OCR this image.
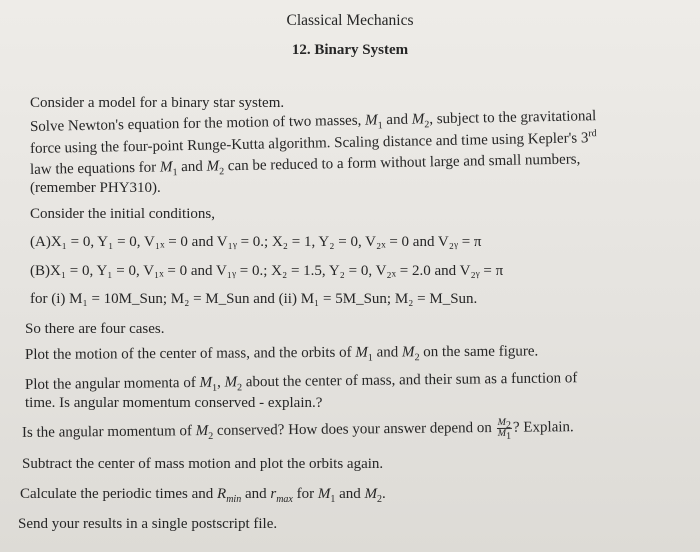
Classical Mechanics
12. Binary System
Consider a model for a binary star system.
Solve Newton's equation for the motion of two masses, $M_1$ and $M_2$, subject to the gravitational
force using the four-point Runge-Kutta algorithm. Scaling distance and time using Kepler's 3rd
law the equations for $M_1$ and $M_2$ can be reduced to a form without large and small numbers,
(remember PHY310).
Consider the initial conditions,
(A)X₁ = 0, Y₁ = 0, V₁ₓ = 0 and V₁ᵧ = 0.; X₂ = 1, Y₂ = 0, V₂ₓ = 0 and V₂ᵧ = π
(B)X₁ = 0, Y₁ = 0, V₁ₓ = 0 and V₁ᵧ = 0.; X₂ = 1.5, Y₂ = 0, V₂ₓ = 2.0 and V₂ᵧ = π
for (i) M₁ = 10M_Sun; M₂ = M_Sun and (ii) M₁ = 5M_Sun; M₂ = M_Sun.
So there are four cases.
Plot the motion of the center of mass, and the orbits of $M_1$ and $M_2$ on the same figure.
Plot the angular momenta of $M_1$, $M_2$ about the center of mass, and their sum as a function of
time. Is angular momentum conserved - explain.?
Is the angular momentum of $M_2$ conserved? How does your answer depend on $\frac{M_2}{M_1}$ ? Explain.
Subtract the center of mass motion and plot the orbits again.
Calculate the periodic times and $R_{min}$ and $r_{max}$ for $M_1$ and $M_2$.
Send your results in a single postscript file.
